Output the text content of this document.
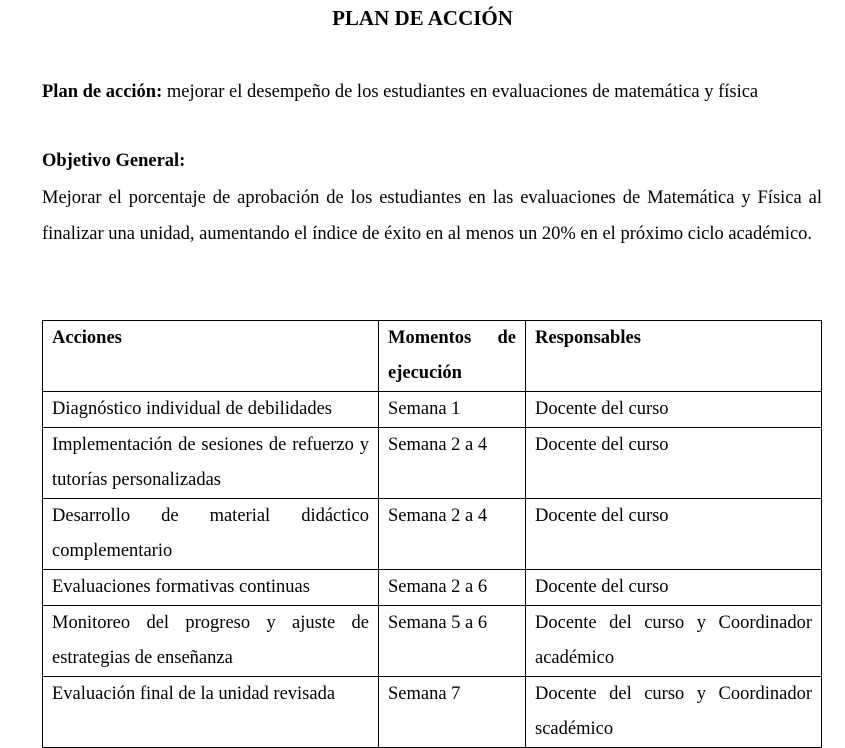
PLAN DE ACCIÓN
Plan de acción: mejorar el desempeño de los estudiantes en evaluaciones de matemática y física
Objetivo General:
Mejorar el porcentaje de aprobación de los estudiantes en las evaluaciones de Matemática y Física al finalizar una unidad, aumentando el índice de éxito en al menos un 20% en el próximo ciclo académico.
Acciones	Momentos de ejecución	Responsables
Diagnóstico individual de debilidades	Semana 1	Docente del curso
Implementación de sesiones de refuerzo y tutorías personalizadas	Semana 2 a 4	Docente del curso
Desarrollo de material didáctico complementario	Semana 2 a 4	Docente del curso
Evaluaciones formativas continuas	Semana 2 a 6	Docente del curso
Monitoreo del progreso y ajuste de estrategias de enseñanza	Semana 5 a 6	Docente del curso y Coordinador académico
Evaluación final de la unidad revisada	Semana 7	Docente del curso y Coordinador scadémico
